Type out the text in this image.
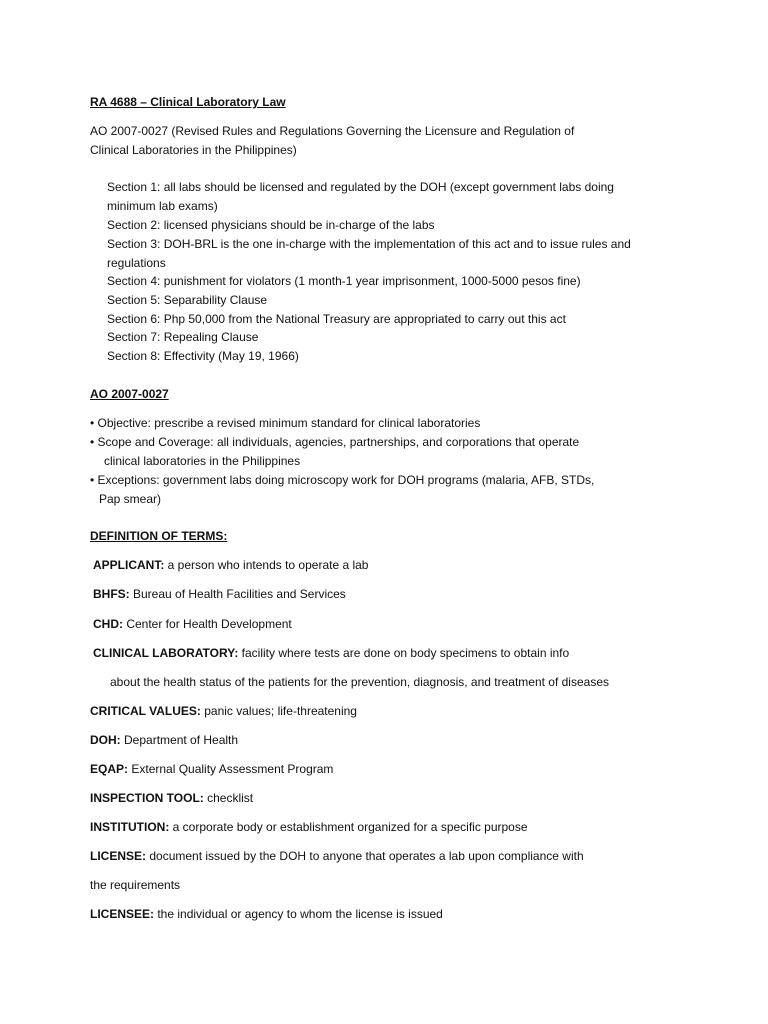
RA 4688 – Clinical Laboratory Law
AO 2007-0027 (Revised Rules and Regulations Governing the Licensure and Regulation of
Clinical Laboratories in the Philippines)
Section 1: all labs should be licensed and regulated by the DOH (except government labs doing
minimum lab exams)
Section 2: licensed physicians should be in-charge of the labs
Section 3: DOH-BRL is the one in-charge with the implementation of this act and to issue rules and
regulations
Section 4: punishment for violators (1 month-1 year imprisonment, 1000-5000 pesos fine)
Section 5: Separability Clause
Section 6: Php 50,000 from the National Treasury are appropriated to carry out this act
Section 7: Repealing Clause
Section 8: Effectivity (May 19, 1966)
AO 2007-0027
• Objective: prescribe a revised minimum standard for clinical laboratories
• Scope and Coverage: all individuals, agencies, partnerships, and corporations that operate
clinical laboratories in the Philippines
• Exceptions: government labs doing microscopy work for DOH programs (malaria, AFB, STDs,
Pap smear)
DEFINITION OF TERMS:
APPLICANT: a person who intends to operate a lab
BHFS: Bureau of Health Facilities and Services
CHD: Center for Health Development
CLINICAL LABORATORY: facility where tests are done on body specimens to obtain info
about the health status of the patients for the prevention, diagnosis, and treatment of diseases
CRITICAL VALUES: panic values; life-threatening
DOH: Department of Health
EQAP: External Quality Assessment Program
INSPECTION TOOL: checklist
INSTITUTION: a corporate body or establishment organized for a specific purpose
LICENSE: document issued by the DOH to anyone that operates a lab upon compliance with
the requirements
LICENSEE: the individual or agency to whom the license is issued
